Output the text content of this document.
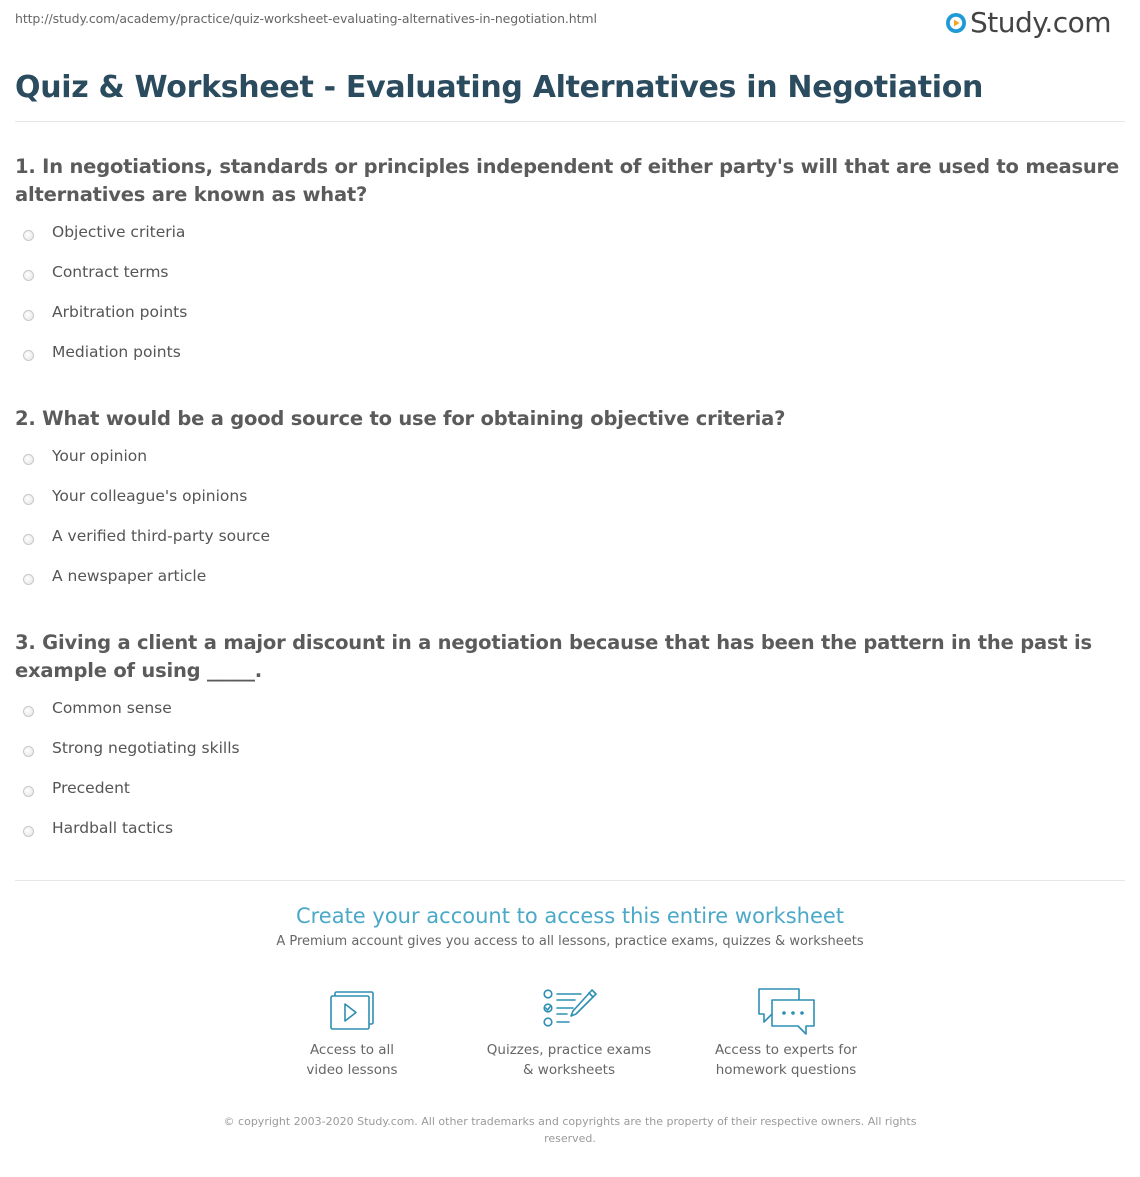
http://study.com/academy/practice/quiz-worksheet-evaluating-alternatives-in-negotiation.html	Study.com
Quiz & Worksheet - Evaluating Alternatives in Negotiation

1. In negotiations, standards or principles independent of either party's will that are used to measure alternatives are known as what?

Objective criteria
Contract terms
Arbitration points
Mediation points

2. What would be a good source to use for obtaining objective criteria?

Your opinion
Your colleague's opinions
A verified third-party source
A newspaper article

3. Giving a client a major discount in a negotiation because that has been the pattern in the past is example of using _____.

Common sense
Strong negotiating skills
Precedent
Hardball tactics
Create your account to access this entire worksheet
A Premium account gives you access to all lessons, practice exams, quizzes & worksheets
Access to all
video lessons
Quizzes, practice exams
& worksheets
Access to experts for
homework questions
© copyright 2003-2020 Study.com. All other trademarks and copyrights are the property of their respective owners. All rights reserved.
